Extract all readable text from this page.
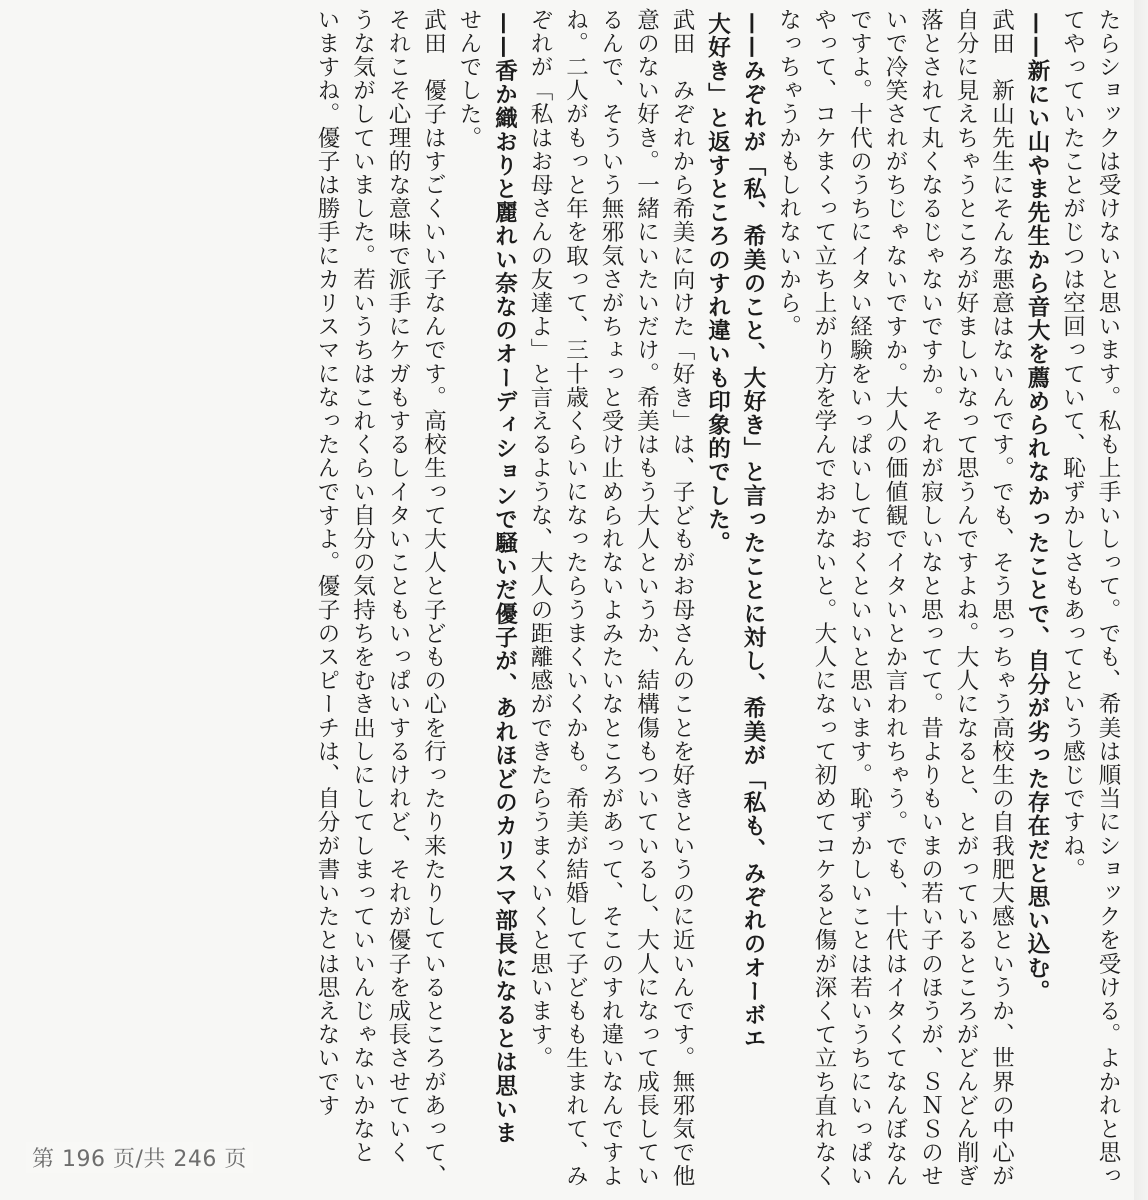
たらショックは受けないと思います。私も上手いしって。でも、希美は順当にショックを受ける。よかれと思っ
てやっていたことがじつは空回っていて、恥ずかしさもあってという感じですね。
——新にい山やま先生から音大を薦められなかったことで、自分が劣った存在だと思い込む。
武田　新山先生にそんな悪意はないんです。でも、そう思っちゃう高校生の自我肥大感というか、世界の中心が
自分に見えちゃうところが好ましいなって思うんですよね。大人になると、とがっているところがどんどん削ぎ
落とされて丸くなるじゃないですか。それが寂しいなと思ってて。昔よりもいまの若い子のほうが、ＳＮＳのせ
いで冷笑されがちじゃないですか。大人の価値観でイタいとか言われちゃう。でも、十代はイタくてなんぼなん
ですよ。十代のうちにイタい経験をいっぱいしておくといいと思います。恥ずかしいことは若いうちにいっぱい
やって、コケまくって立ち上がり方を学んでおかないと。大人になって初めてコケると傷が深くて立ち直れなく
なっちゃうかもしれないから。
——みぞれが「私、希美のこと、大好き」と言ったことに対し、希美が「私も、みぞれのオーボエ
大好き」と返すところのすれ違いも印象的でした。
武田　みぞれから希美に向けた「好き」は、子どもがお母さんのことを好きというのに近いんです。無邪気で他
意のない好き。一緒にいたいだけ。希美はもう大人というか、結構傷もついているし、大人になって成長してい
るんで、そういう無邪気さがちょっと受け止められないよみたいなところがあって、そこのすれ違いなんですよ
ね。二人がもっと年を取って、三十歳くらいになったらうまくいくかも。希美が結婚して子どもも生まれて、み
ぞれが「私はお母さんの友達よ」と言えるような、大人の距離感ができたらうまくいくと思います。
——香か織おりと麗れい奈なのオーディションで騒いだ優子が、あれほどのカリスマ部長になるとは思いま
せんでした。
武田　優子はすごくいい子なんです。高校生って大人と子どもの心を行ったり来たりしているところがあって、
それこそ心理的な意味で派手にケガもするしイタいこともいっぱいするけれど、それが優子を成長させていく
うな気がしていました。若いうちはこれくらい自分の気持ちをむき出しにしてしまっていいんじゃないかなと
いますね。優子は勝手にカリスマになったんですよ。優子のスピーチは、自分が書いたとは思えないです
第 196 页/共 246 页
